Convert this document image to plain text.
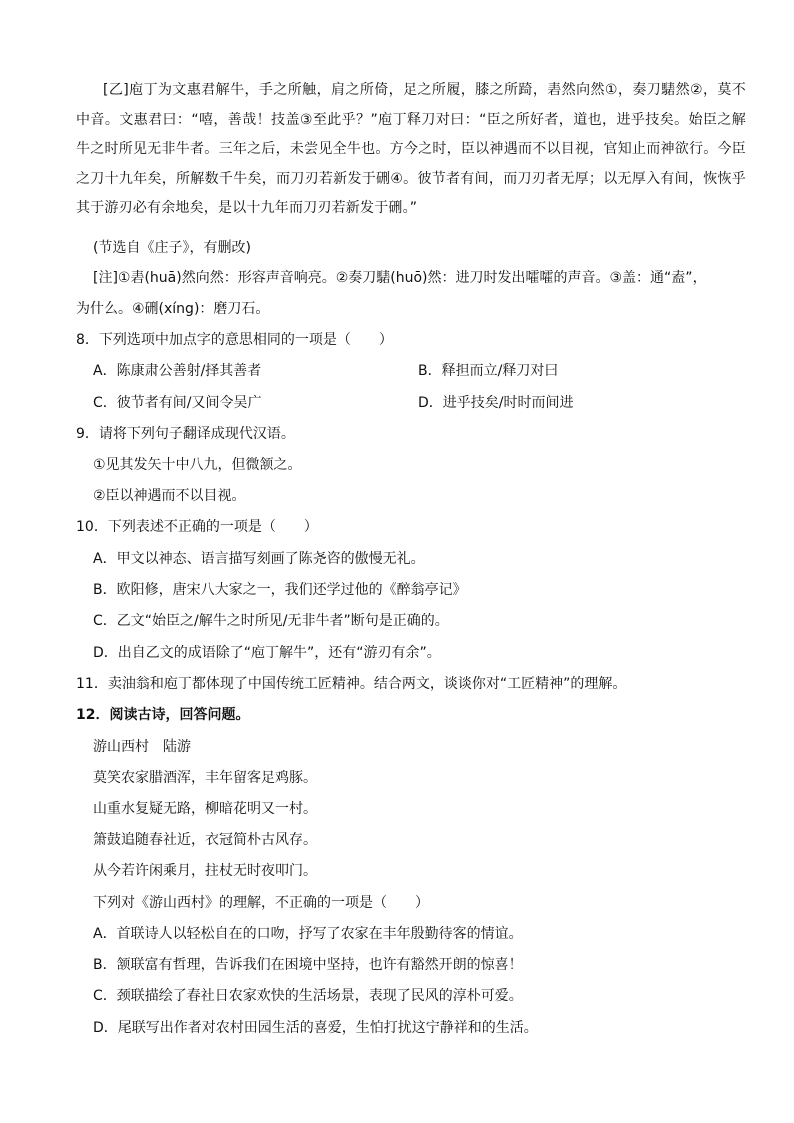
[乙]庖丁为文惠君解牛，手之所触，肩之所倚，足之所履，膝之所踦，砉然向然①，奏刀騞然②，莫不中音。文惠君曰：“嘻，善哉！技盖③至此乎？”庖丁释刀对曰：“臣之所好者，道也，进乎技矣。始臣之解牛之时所见无非牛者。三年之后，未尝见全牛也。方今之时，臣以神遇而不以目视，官知止而神欲行。今臣之刀十九年矣，所解数千牛矣，而刀刃若新发于硎④。彼节者有间，而刀刃者无厚；以无厚入有间，恢恢乎其于游刃必有余地矣，是以十九年而刀刃若新发于硎。”
(节选自《庄子》，有删改)
[注]①砉(huā)然向然：形容声音响亮。②奏刀騞(huō)然：进刀时发出嚯嚯的声音。③盖：通“盍”，
为什么。④硎(xíng)：磨刀石。
8．下列选项中加点字的意思相同的一项是（　　）
A．陈康肃公善射/择其善者	B．释担而立/释刀对曰
C．彼节者有间/又间令吴广	D．进乎技矣/时时而间进
9．请将下列句子翻译成现代汉语。
①见其发矢十中八九，但微颔之。
②臣以神遇而不以目视。
10．下列表述不正确的一项是（　　）
A．甲文以神态、语言描写刻画了陈尧咨的傲慢无礼。
B．欧阳修，唐宋八大家之一，我们还学过他的《醉翁亭记》
C．乙文“始臣之/解牛之时所见/无非牛者”断句是正确的。
D．出自乙文的成语除了“庖丁解牛”，还有“游刃有余”。
11．卖油翁和庖丁都体现了中国传统工匠精神。结合两文，谈谈你对“工匠精神”的理解。
12．阅读古诗，回答问题。
游山西村　陆游
莫笑农家腊酒浑，丰年留客足鸡豚。
山重水复疑无路，柳暗花明又一村。
箫鼓追随春社近，衣冠简朴古风存。
从今若许闲乘月，拄杖无时夜叩门。
下列对《游山西村》的理解，不正确的一项是（　　）
A．首联诗人以轻松自在的口吻，抒写了农家在丰年殷勤待客的情谊。
B．颔联富有哲理，告诉我们在困境中坚持，也许有豁然开朗的惊喜！
C．颈联描绘了春社日农家欢快的生活场景，表现了民风的淳朴可爱。
D．尾联写出作者对农村田园生活的喜爱，生怕打扰这宁静祥和的生活。
